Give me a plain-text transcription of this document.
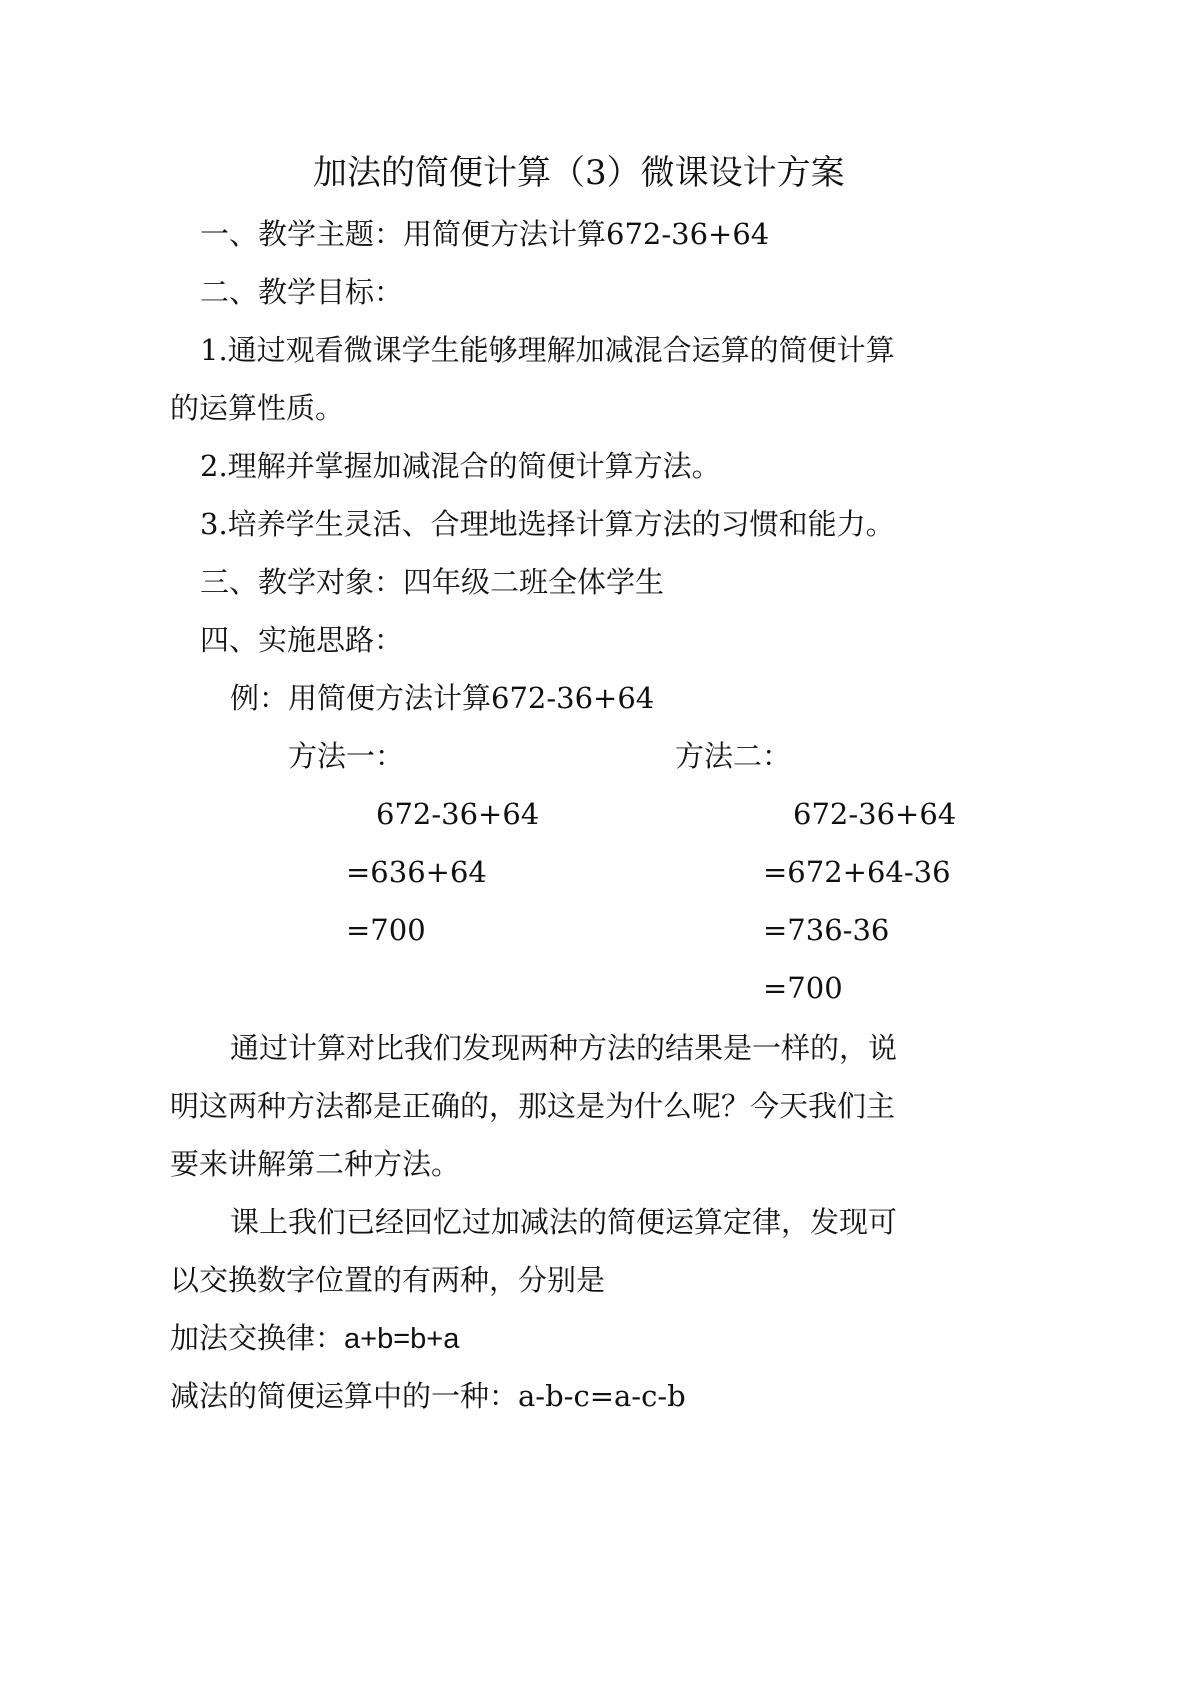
加法的简便计算（3）微课设计方案
一、教学主题：用简便方法计算672-36+64
二、教学目标：
1.通过观看微课学生能够理解加减混合运算的简便计算
的运算性质。
2.理解并掌握加减混合的简便计算方法。
3.培养学生灵活、合理地选择计算方法的习惯和能力。
三、教学对象：四年级二班全体学生
四、实施思路：
例：用简便方法计算672-36+64
方法一：	方法二：
672-36+64
=636+64
=700
672-36+64
=672+64-36
=736-36
=700
通过计算对比我们发现两种方法的结果是一样的，说
明这两种方法都是正确的，那这是为什么呢？今天我们主
要来讲解第二种方法。
课上我们已经回忆过加减法的简便运算定律，发现可
以交换数字位置的有两种，分别是
加法交换律：a+b=b+a
减法的简便运算中的一种：a-b-c=a-c-b
